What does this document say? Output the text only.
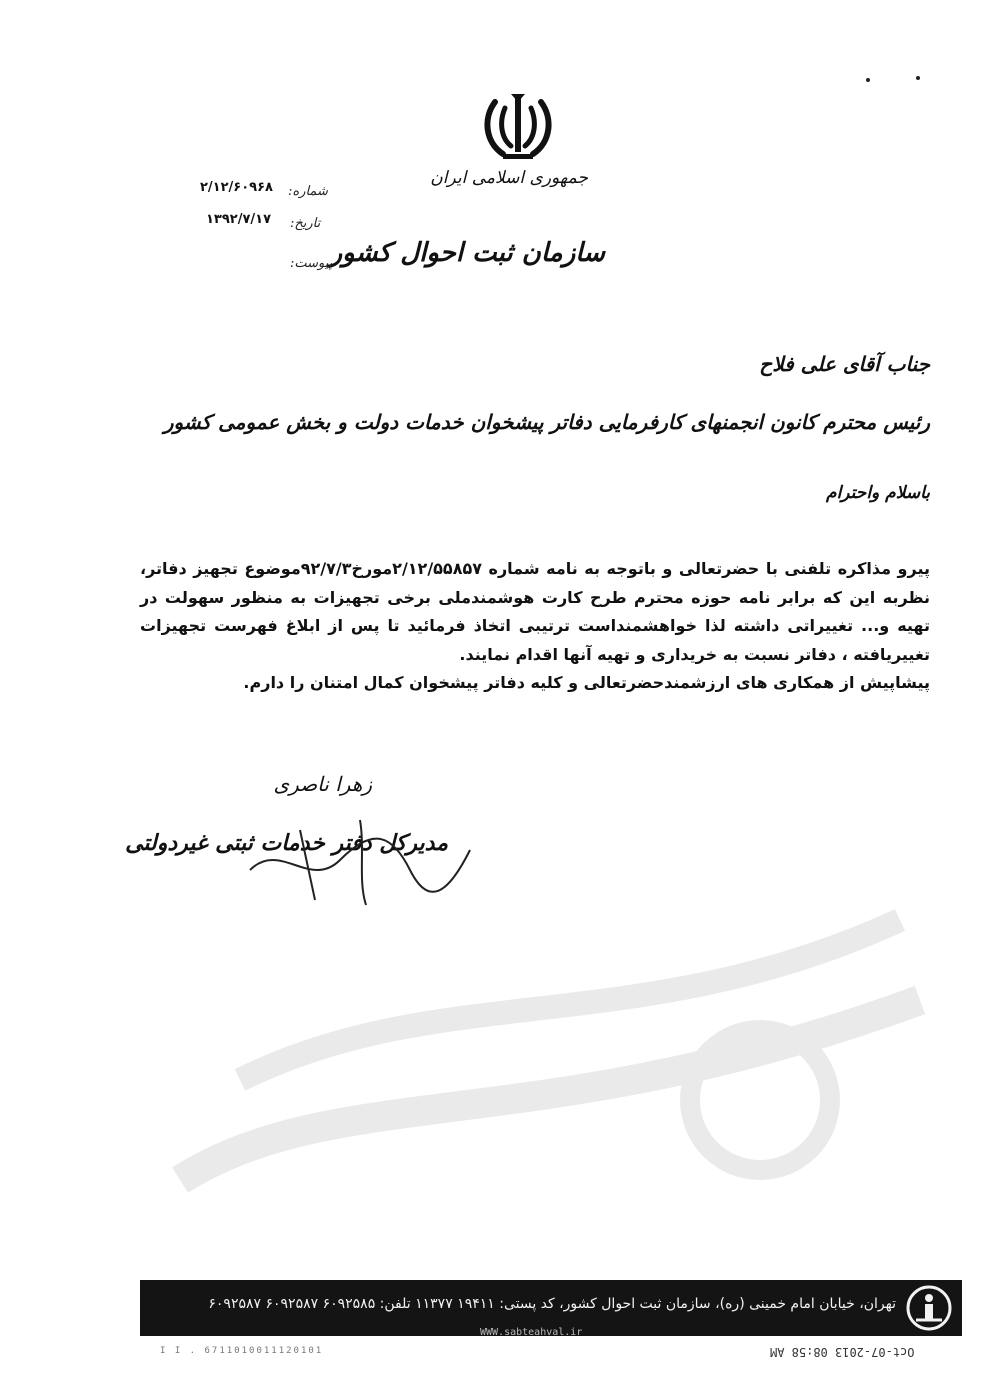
جمهوری اسلامی ایران
سازمان ثبت احوال کشور
شماره:
۲/۱۲/۶۰۹۶۸
تاریخ:
۱۳۹۲/۷/۱۷
پیوست:
جناب آقای علی فلاح
رئیس محترم کانون انجمنهای کارفرمایی دفاتر پیشخوان خدمات دولت و بخش عمومی کشور
باسلام واحترام

پیرو مذاکره تلفنی با حضرتعالی و باتوجه به نامه شماره ۲/۱۲/۵۵۸۵۷مورخ۹۲/۷/۳موضوع تجهیز دفاتر، نظربه این که برابر نامه حوزه محترم طرح کارت هوشمندملی برخی تجهیزات به منظور سهولت در تهیه و... تغییراتی داشته لذا خواهشمنداست ترتیبی اتخاذ فرمائید تا پس از ابلاغ فهرست تجهیزات تغییریافته ، دفاتر نسبت به خریداری و تهیه آنها اقدام نمایند.

پیشاپیش از همکاری های ارزشمندحضرتعالی و کلیه دفاتر پیشخوان کمال امتنان را دارم.

زهرا ناصری
مدیرکل دفتر خدمات ثبتی غیردولتی
تهران، خیابان امام خمینی (ره)، سازمان ثبت احوال کشور، کد پستی: ۱۹۴۱۱ ۱۱۳۷۷ تلفن: ۶۰۹۲۵۸۵ ۶۰۹۲۵۸۷ ۶۰۹۲۵۸۷
WWW.sabteahval.ir
Oct-07-2013 08:58 AM
I I . 6711010011120101
